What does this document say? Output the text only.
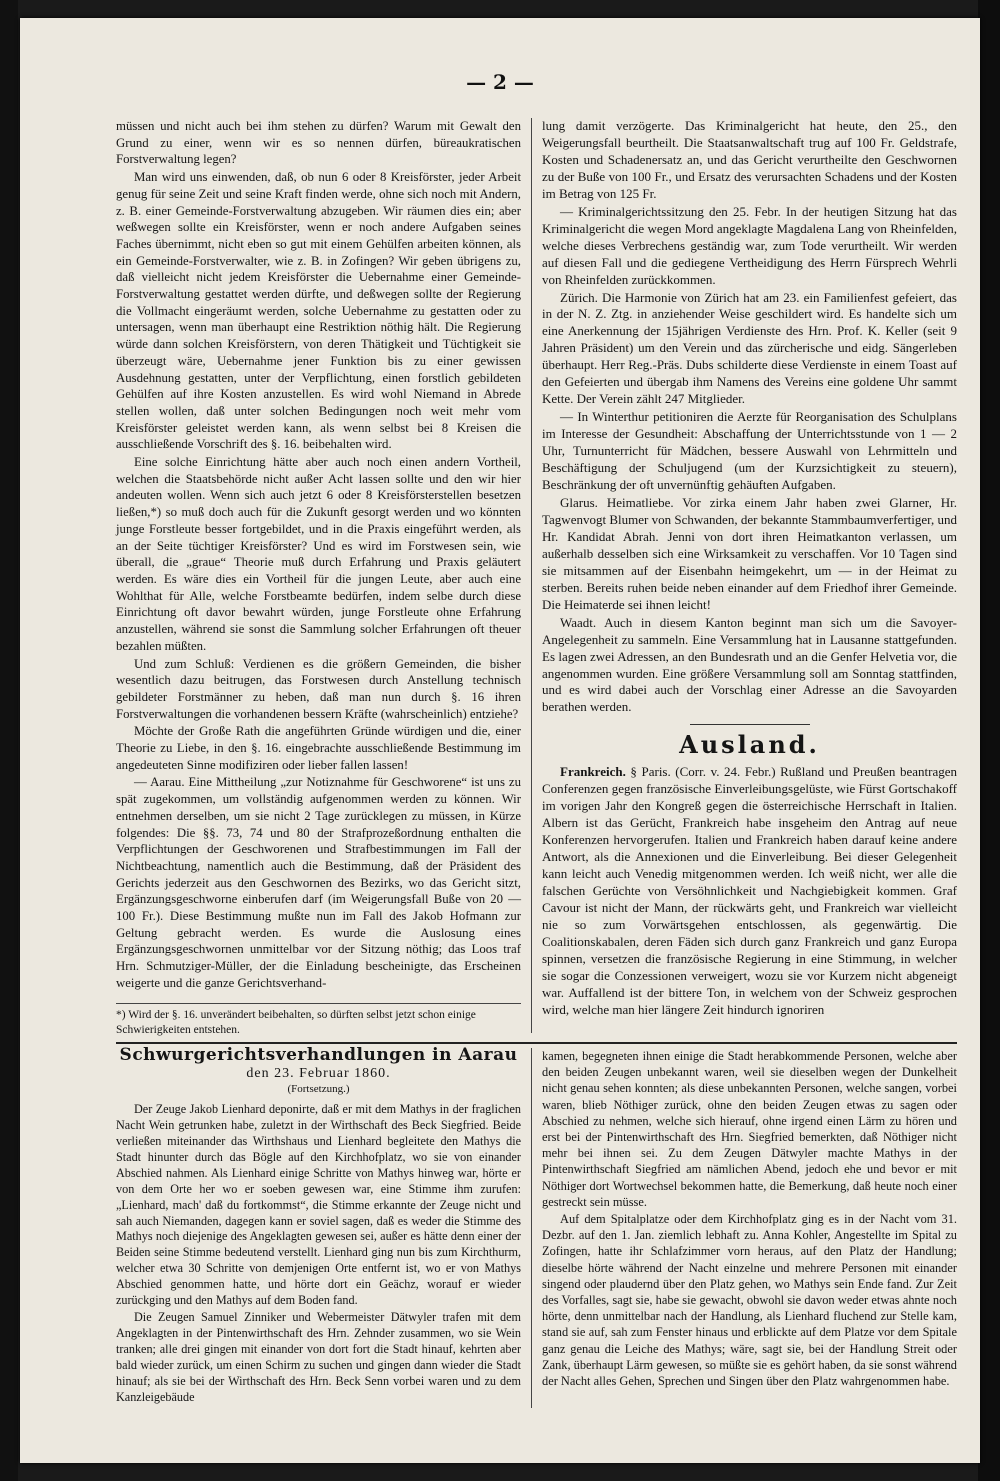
— 2 —

müssen und nicht auch bei ihm stehen zu dürfen? Warum mit Gewalt den Grund zu einer, wenn wir es so nennen dürfen, büreaukratischen Forstverwaltung legen?

Man wird uns einwenden, daß, ob nun 6 oder 8 Kreisförster, jeder Arbeit genug für seine Zeit und seine Kraft finden werde, ohne sich noch mit Andern, z. B. einer Gemeinde-Forstverwaltung abzugeben. Wir räumen dies ein; aber weßwegen sollte ein Kreisförster, wenn er noch andere Aufgaben seines Faches übernimmt, nicht eben so gut mit einem Gehülfen arbeiten können, als ein Gemeinde-Forstverwalter, wie z. B. in Zofingen? Wir geben übrigens zu, daß vielleicht nicht jedem Kreisförster die Uebernahme einer Gemeinde-Forstverwaltung gestattet werden dürfte, und deßwegen sollte der Regierung die Vollmacht eingeräumt werden, solche Uebernahme zu gestatten oder zu untersagen, wenn man überhaupt eine Restriktion nöthig hält. Die Regierung würde dann solchen Kreisförstern, von deren Thätigkeit und Tüchtigkeit sie überzeugt wäre, Uebernahme jener Funktion bis zu einer gewissen Ausdehnung gestatten, unter der Verpflichtung, einen forstlich gebildeten Gehülfen auf ihre Kosten anzustellen. Es wird wohl Niemand in Abrede stellen wollen, daß unter solchen Bedingungen noch weit mehr vom Kreisförster geleistet werden kann, als wenn selbst bei 8 Kreisen die ausschließende Vorschrift des §. 16. beibehalten wird.

Eine solche Einrichtung hätte aber auch noch einen andern Vortheil, welchen die Staatsbehörde nicht außer Acht lassen sollte und den wir hier andeuten wollen. Wenn sich auch jetzt 6 oder 8 Kreisförsterstellen besetzen ließen,*) so muß doch auch für die Zukunft gesorgt werden und wo könnten junge Forstleute besser fortgebildet, und in die Praxis eingeführt werden, als an der Seite tüchtiger Kreisförster? Und es wird im Forstwesen sein, wie überall, die „graue“ Theorie muß durch Erfahrung und Praxis geläutert werden. Es wäre dies ein Vortheil für die jungen Leute, aber auch eine Wohlthat für Alle, welche Forstbeamte bedürfen, indem selbe durch diese Einrichtung oft davor bewahrt würden, junge Forstleute ohne Erfahrung anzustellen, während sie sonst die Sammlung solcher Erfahrungen oft theuer bezahlen müßten.

Und zum Schluß: Verdienen es die größern Gemeinden, die bisher wesentlich dazu beitrugen, das Forstwesen durch Anstellung technisch gebildeter Forstmänner zu heben, daß man nun durch §. 16 ihren Forstverwaltungen die vorhandenen bessern Kräfte (wahrscheinlich) entziehe?

Möchte der Große Rath die angeführten Gründe würdigen und die, einer Theorie zu Liebe, in den §. 16. eingebrachte ausschließende Bestimmung im angedeuteten Sinne modifiziren oder lieber fallen lassen!

— Aarau. Eine Mittheilung „zur Notiznahme für Geschworene“ ist uns zu spät zugekommen, um vollständig aufgenommen werden zu können. Wir entnehmen derselben, um sie nicht 2 Tage zurücklegen zu müssen, in Kürze folgendes: Die §§. 73, 74 und 80 der Strafprozeßordnung enthalten die Verpflichtungen der Geschworenen und Strafbestimmungen im Fall der Nichtbeachtung, namentlich auch die Bestimmung, daß der Präsident des Gerichts jederzeit aus den Geschwornen des Bezirks, wo das Gericht sitzt, Ergänzungsgeschworne einberufen darf (im Weigerungsfall Buße von 20 — 100 Fr.). Diese Bestimmung mußte nun im Fall des Jakob Hofmann zur Geltung gebracht werden. Es wurde die Auslosung eines Ergänzungsgeschwornen unmittelbar vor der Sitzung nöthig; das Loos traf Hrn. Schmutziger-Müller, der die Einladung bescheinigte, das Erscheinen weigerte und die ganze Gerichtsverhand-

*) Wird der §. 16. unverändert beibehalten, so dürften selbst jetzt schon einige Schwierigkeiten entstehen.

lung damit verzögerte. Das Kriminalgericht hat heute, den 25., den Weigerungsfall beurtheilt. Die Staatsanwaltschaft trug auf 100 Fr. Geldstrafe, Kosten und Schadenersatz an, und das Gericht verurtheilte den Geschwornen zu der Buße von 100 Fr., und Ersatz des verursachten Schadens und der Kosten im Betrag von 125 Fr.

— Kriminalgerichtssitzung den 25. Febr. In der heutigen Sitzung hat das Kriminalgericht die wegen Mord angeklagte Magdalena Lang von Rheinfelden, welche dieses Verbrechens geständig war, zum Tode verurtheilt. Wir werden auf diesen Fall und die gediegene Vertheidigung des Herrn Fürsprech Wehrli von Rheinfelden zurückkommen.

Zürich. Die Harmonie von Zürich hat am 23. ein Familienfest gefeiert, das in der N. Z. Ztg. in anziehender Weise geschildert wird. Es handelte sich um eine Anerkennung der 15jährigen Verdienste des Hrn. Prof. K. Keller (seit 9 Jahren Präsident) um den Verein und das zürcherische und eidg. Sängerleben überhaupt. Herr Reg.-Präs. Dubs schilderte diese Verdienste in einem Toast auf den Gefeierten und übergab ihm Namens des Vereins eine goldene Uhr sammt Kette. Der Verein zählt 247 Mitglieder.

— In Winterthur petitioniren die Aerzte für Reorganisation des Schulplans im Interesse der Gesundheit: Abschaffung der Unterrichtsstunde von 1 — 2 Uhr, Turnunterricht für Mädchen, bessere Auswahl von Lehrmitteln und Beschäftigung der Schuljugend (um der Kurzsichtigkeit zu steuern), Beschränkung der oft unvernünftig gehäuften Aufgaben.

Glarus. Heimatliebe. Vor zirka einem Jahr haben zwei Glarner, Hr. Tagwenvogt Blumer von Schwanden, der bekannte Stammbaumverfertiger, und Hr. Kandidat Abrah. Jenni von dort ihren Heimatkanton verlassen, um außerhalb desselben sich eine Wirksamkeit zu verschaffen. Vor 10 Tagen sind sie mitsammen auf der Eisenbahn heimgekehrt, um — in der Heimat zu sterben. Bereits ruhen beide neben einander auf dem Friedhof ihrer Gemeinde. Die Heimaterde sei ihnen leicht!

Waadt. Auch in diesem Kanton beginnt man sich um die Savoyer-Angelegenheit zu sammeln. Eine Versammlung hat in Lausanne stattgefunden. Es lagen zwei Adressen, an den Bundesrath und an die Genfer Helvetia vor, die angenommen wurden. Eine größere Versammlung soll am Sonntag stattfinden, und es wird dabei auch der Vorschlag einer Adresse an die Savoyarden berathen werden.

Ausland.

Frankreich. § Paris. (Corr. v. 24. Febr.) Rußland und Preußen beantragen Conferenzen gegen französische Einverleibungsgelüste, wie Fürst Gortschakoff im vorigen Jahr den Kongreß gegen die österreichische Herrschaft in Italien. Albern ist das Gerücht, Frankreich habe insgeheim den Antrag auf neue Konferenzen hervorgerufen. Italien und Frankreich haben darauf keine andere Antwort, als die Annexionen und die Einverleibung. Bei dieser Gelegenheit kann leicht auch Venedig mitgenommen werden. Ich weiß nicht, wer alle die falschen Gerüchte von Versöhnlichkeit und Nachgiebigkeit kommen. Graf Cavour ist nicht der Mann, der rückwärts geht, und Frankreich war vielleicht nie so zum Vorwärtsgehen entschlossen, als gegenwärtig. Die Coalitionskabalen, deren Fäden sich durch ganz Frankreich und ganz Europa spinnen, versetzen die französische Regierung in eine Stimmung, in welcher sie sogar die Conzessionen verweigert, wozu sie vor Kurzem nicht abgeneigt war. Auffallend ist der bittere Ton, in welchem von der Schweiz gesprochen wird, welche man hier längere Zeit hindurch ignoriren

Schwurgerichtsverhandlungen in Aarau
den 23. Februar 1860.
(Fortsetzung.)

Der Zeuge Jakob Lienhard deponirte, daß er mit dem Mathys in der fraglichen Nacht Wein getrunken habe, zuletzt in der Wirthschaft des Beck Siegfried. Beide verließen miteinander das Wirthshaus und Lienhard begleitete den Mathys die Stadt hinunter durch das Bögle auf den Kirchhofplatz, wo sie von einander Abschied nahmen. Als Lienhard einige Schritte von Mathys hinweg war, hörte er von dem Orte her wo er soeben gewesen war, eine Stimme ihm zurufen: „Lienhard, mach' daß du fortkommst“, die Stimme erkannte der Zeuge nicht und sah auch Niemanden, dagegen kann er soviel sagen, daß es weder die Stimme des Mathys noch diejenige des Angeklagten gewesen sei, außer es hätte denn einer der Beiden seine Stimme bedeutend verstellt. Lienhard ging nun bis zum Kirchthurm, welcher etwa 30 Schritte von demjenigen Orte entfernt ist, wo er von Mathys Abschied genommen hatte, und hörte dort ein Geächz, worauf er wieder zurückging und den Mathys auf dem Boden fand.

Die Zeugen Samuel Zinniker und Webermeister Dätwyler trafen mit dem Angeklagten in der Pintenwirthschaft des Hrn. Zehnder zusammen, wo sie Wein tranken; alle drei gingen mit einander von dort fort die Stadt hinauf, kehrten aber bald wieder zurück, um einen Schirm zu suchen und gingen dann wieder die Stadt hinauf; als sie bei der Wirthschaft des Hrn. Beck Senn vorbei waren und zu dem Kanzleigebäude

kamen, begegneten ihnen einige die Stadt herabkommende Personen, welche aber den beiden Zeugen unbekannt waren, weil sie dieselben wegen der Dunkelheit nicht genau sehen konnten; als diese unbekannten Personen, welche sangen, vorbei waren, blieb Nöthiger zurück, ohne den beiden Zeugen etwas zu sagen oder Abschied zu nehmen, welche sich hierauf, ohne irgend einen Lärm zu hören und erst bei der Pintenwirthschaft des Hrn. Siegfried bemerkten, daß Nöthiger nicht mehr bei ihnen sei. Zu dem Zeugen Dätwyler machte Mathys in der Pintenwirthschaft Siegfried am nämlichen Abend, jedoch ehe und bevor er mit Nöthiger dort Wortwechsel bekommen hatte, die Bemerkung, daß heute noch einer gestreckt sein müsse.

Auf dem Spitalplatze oder dem Kirchhofplatz ging es in der Nacht vom 31. Dezbr. auf den 1. Jan. ziemlich lebhaft zu. Anna Kohler, Angestellte im Spital zu Zofingen, hatte ihr Schlafzimmer vorn heraus, auf den Platz der Handlung; dieselbe hörte während der Nacht einzelne und mehrere Personen mit einander singend oder plaudernd über den Platz gehen, wo Mathys sein Ende fand. Zur Zeit des Vorfalles, sagt sie, habe sie gewacht, obwohl sie davon weder etwas ahnte noch hörte, denn unmittelbar nach der Handlung, als Lienhard fluchend zur Stelle kam, stand sie auf, sah zum Fenster hinaus und erblickte auf dem Platze vor dem Spitale ganz genau die Leiche des Mathys; wäre, sagt sie, bei der Handlung Streit oder Zank, überhaupt Lärm gewesen, so müßte sie es gehört haben, da sie sonst während der Nacht alles Gehen, Sprechen und Singen über den Platz wahrgenommen habe.
